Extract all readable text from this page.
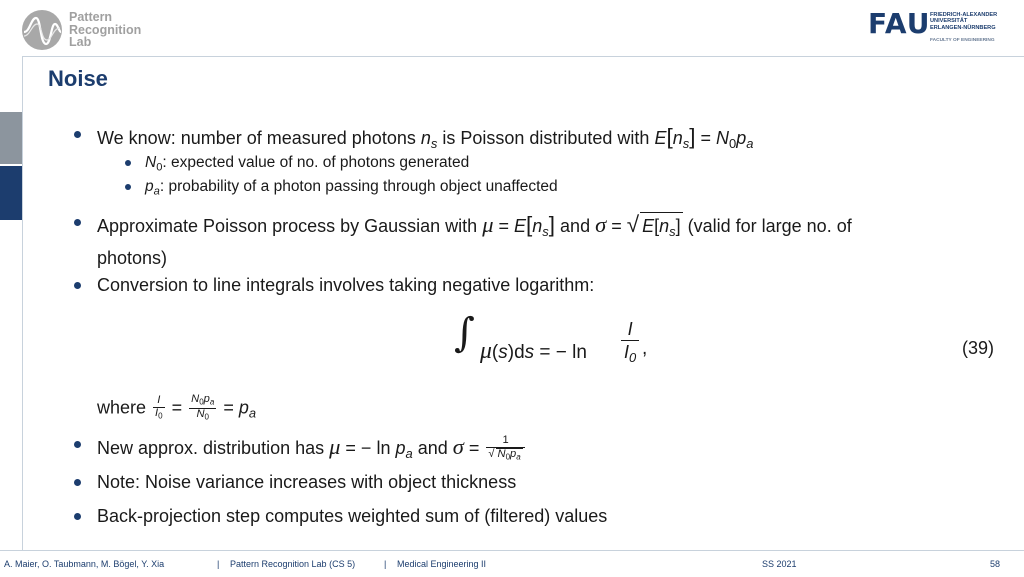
Pattern
Recognition
Lab
FAU FRIEDRICH-ALEXANDER
UNIVERSITÄT
ERLANGEN-NÜRNBERG
FACULTY OF ENGINEERING
Noise
We know: number of measured photons $n_s$ is Poisson distributed with $E[n_s] = N_0p_a$
$N_0$: expected value of no. of photons generated
$p_a$: probability of a photon passing through object unaffected
Approximate Poisson process by Gaussian with $\mu = E[n_s]$ and σ = √ $E[n_s]$ (valid for large no. of
photons)
Conversion to line integrals involves taking negative logarithm:
∫ μ(s)ds = − $\ln \frac{I}{I_0}$ ,	(39)
where $\frac{I}{I_0} = \frac{N_0p_a}{N_0} = p_a$
New approx. distribution has μ = − $\ln p_a$ and $\sigma = \frac{1}{√ N_0p_a}$
Note: Noise variance increases with object thickness
Back-projection step computes weighted sum of (filtered) values
A. Maier, O. Taubmann, M. Bögel, Y. Xia	| Pattern Recognition Lab (CS 5)	| Medical Engineering II	SS 2021	58
